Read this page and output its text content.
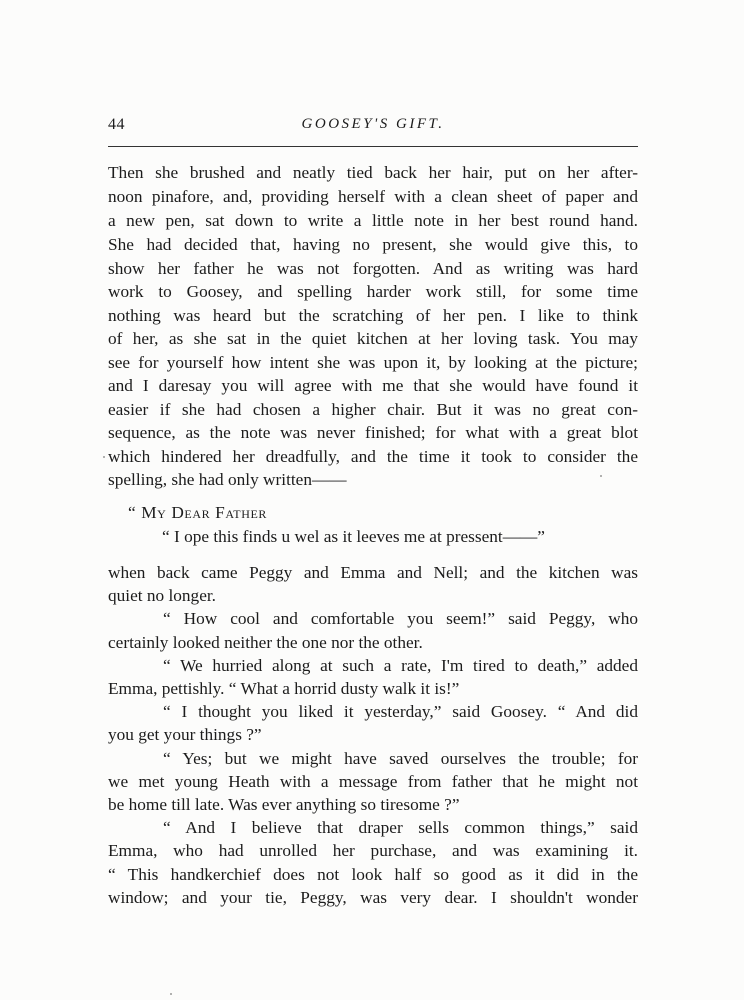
44	GOOSEY'S GIFT.
Then she brushed and neatly tied back her hair, put on her after-
noon pinafore, and, providing herself with a clean sheet of paper and
a new pen, sat down to write a little note in her best round hand.
She had decided that, having no present, she would give this, to
show her father he was not forgotten. And as writing was hard
work to Goosey, and spelling harder work still, for some time
nothing was heard but the scratching of her pen. I like to think
of her, as she sat in the quiet kitchen at her loving task. You may
see for yourself how intent she was upon it, by looking at the picture;
and I daresay you will agree with me that she would have found it
easier if she had chosen a higher chair. But it was no great con-
sequence, as the note was never finished; for what with a great blot
which hindered her dreadfully, and the time it took to consider the
spelling, she had only written——
“ My Dear Father
“ I ope this finds u wel as it leeves me at pressent——”
when back came Peggy and Emma and Nell; and the kitchen was
quiet no longer.
“ How cool and comfortable you seem!” said Peggy, who
certainly looked neither the one nor the other.
“ We hurried along at such a rate, I'm tired to death,” added
Emma, pettishly. “ What a horrid dusty walk it is!”
“ I thought you liked it yesterday,” said Goosey. “ And did
you get your things ?”
“ Yes; but we might have saved ourselves the trouble; for
we met young Heath with a message from father that he might not
be home till late. Was ever anything so tiresome ?”
“ And I believe that draper sells common things,” said
Emma, who had unrolled her purchase, and was examining it.
“ This handkerchief does not look half so good as it did in the
window; and your tie, Peggy, was very dear. I shouldn't wonder
